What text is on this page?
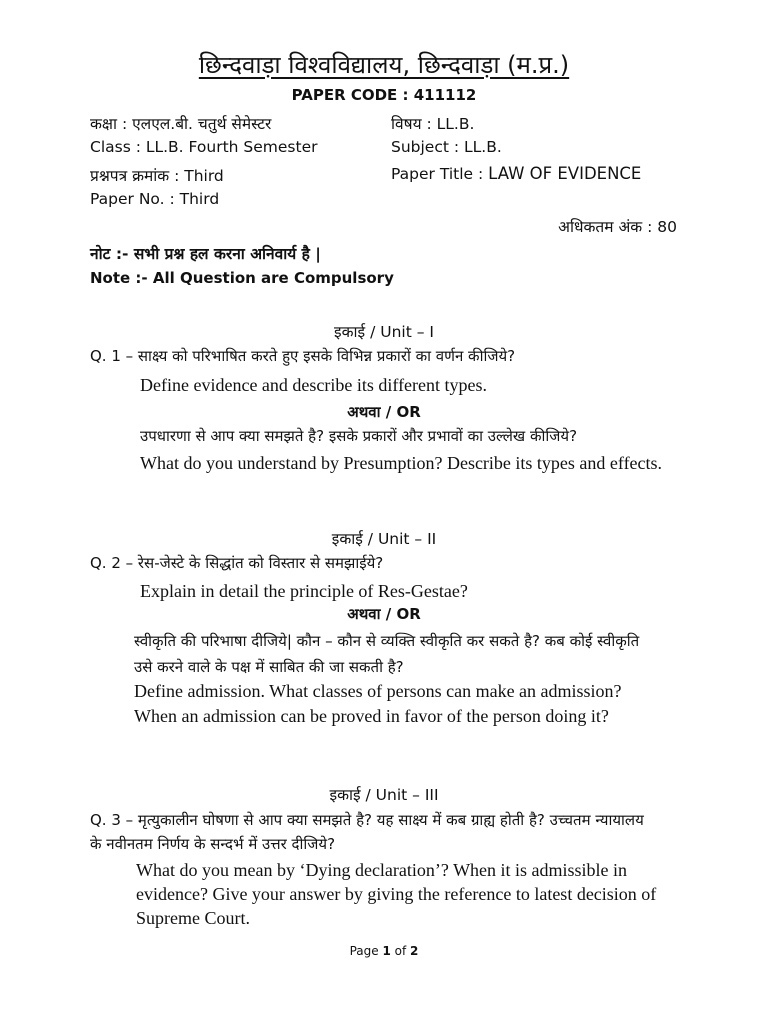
छिन्दवाड़ा विश्वविद्यालय, छिन्दवाड़ा (म.प्र.)
PAPER CODE : 411112
कक्षा : एलएल.बी. चतुर्थ सेमेस्टर	विषय : LL.B.
Class : LL.B. Fourth Semester	Subject : LL.B.
प्रश्नपत्र क्रमांक : Third	Paper Title : LAW OF EVIDENCE
Paper No. : Third
अधिकतम अंक : 80
नोट :- सभी प्रश्न हल करना अनिवार्य है |
Note :- All Question are Compulsory
इकाई / Unit – I
Q. 1 – साक्ष्य को परिभाषित करते हुए इसके विभिन्न प्रकारों का वर्णन कीजिये?
Define evidence and describe its different types.
अथवा / OR
उपधारणा से आप क्या समझते है? इसके प्रकारों और प्रभावों का उल्लेख कीजिये?
What do you understand by Presumption? Describe its types and effects.
इकाई / Unit – II
Q. 2 – रेस-जेस्टे के सिद्धांत को विस्तार से समझाईये?
Explain in detail the principle of Res-Gestae?
अथवा / OR
स्वीकृति की परिभाषा दीजिये| कौन – कौन से व्यक्ति स्वीकृति कर सकते है? कब कोई स्वीकृति उसे करने वाले के पक्ष में साबित की जा सकती है?
Define admission. What classes of persons can make an admission? When an admission can be proved in favor of the person doing it?
इकाई / Unit – III
Q. 3 – मृत्युकालीन घोषणा से आप क्या समझते है? यह साक्ष्य में कब ग्राह्य होती है? उच्चतम न्यायालय के नवीनतम निर्णय के सन्दर्भ में उत्तर दीजिये?
What do you mean by ‘Dying declaration’? When it is admissible in evidence? Give your answer by giving the reference to latest decision of Supreme Court.
Page 1 of 2
